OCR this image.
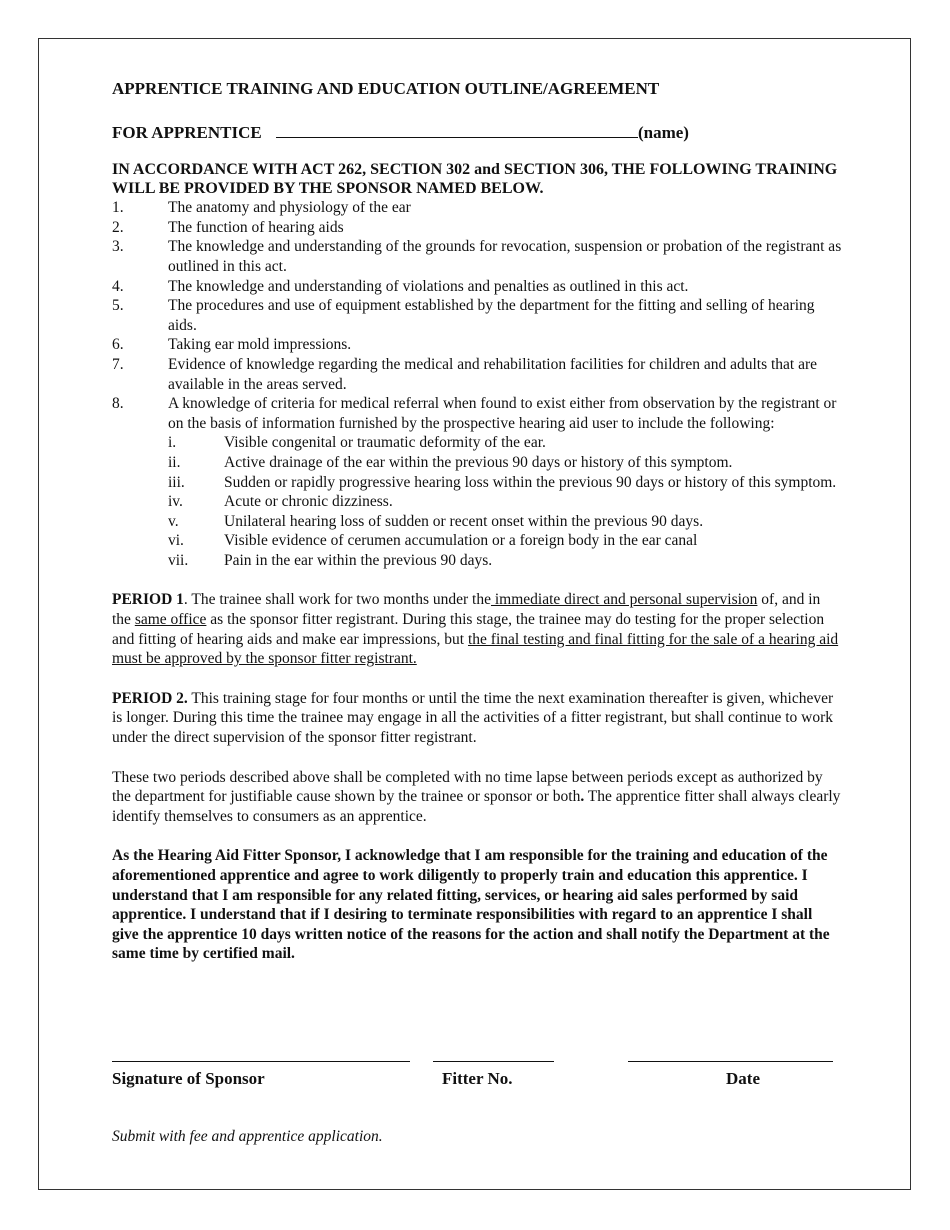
APPRENTICE TRAINING AND EDUCATION OUTLINE/AGREEMENT
FOR APPRENTICE	(name)
IN ACCORDANCE WITH ACT 262, SECTION 302 and SECTION 306, THE FOLLOWING TRAINING WILL BE PROVIDED BY THE SPONSOR NAMED BELOW.
1.	The anatomy and physiology of the ear
2.	The function of hearing aids
3.	The knowledge and understanding of the grounds for revocation, suspension or probation of the registrant as outlined in this act.
4.	The knowledge and understanding of violations and penalties as outlined in this act.
5.	The procedures and use of equipment established by the department for the fitting and selling of hearing aids.
6.	Taking ear mold impressions.
7.	Evidence of knowledge regarding the medical and rehabilitation facilities for children and adults that are available in the areas served.
8.	A knowledge of criteria for medical referral when found to exist either from observation by the registrant or on the basis of information furnished by the prospective hearing aid user to include the following:
i.	Visible congenital or traumatic deformity of the ear.
ii.	Active drainage of the ear within the previous 90 days or history of this symptom.
iii.	Sudden or rapidly progressive hearing loss within the previous 90 days or history of this symptom.
iv.	Acute or chronic dizziness.
v.	Unilateral hearing loss of sudden or recent onset within the previous 90 days.
vi.	Visible evidence of cerumen accumulation or a foreign body in the ear canal
vii.	Pain in the ear within the previous 90 days.
PERIOD 1. The trainee shall work for two months under the immediate direct and personal supervision of, and in the same office as the sponsor fitter registrant. During this stage, the trainee may do testing for the proper selection and fitting of hearing aids and make ear impressions, but the final testing and final fitting for the sale of a hearing aid must be approved by the sponsor fitter registrant.
PERIOD 2. This training stage for four months or until the time the next examination thereafter is given, whichever is longer. During this time the trainee may engage in all the activities of a fitter registrant, but shall continue to work under the direct supervision of the sponsor fitter registrant.
These two periods described above shall be completed with no time lapse between periods except as authorized by the department for justifiable cause shown by the trainee or sponsor or both. The apprentice fitter shall always clearly identify themselves to consumers as an apprentice.
As the Hearing Aid Fitter Sponsor, I acknowledge that I am responsible for the training and education of the aforementioned apprentice and agree to work diligently to properly train and education this apprentice. I understand that I am responsible for any related fitting, services, or hearing aid sales performed by said apprentice. I understand that if I desiring to terminate responsibilities with regard to an apprentice I shall give the apprentice 10 days written notice of the reasons for the action and shall notify the Department at the same time by certified mail.
Signature of Sponsor	Fitter No.	Date
Submit with fee and apprentice application.
